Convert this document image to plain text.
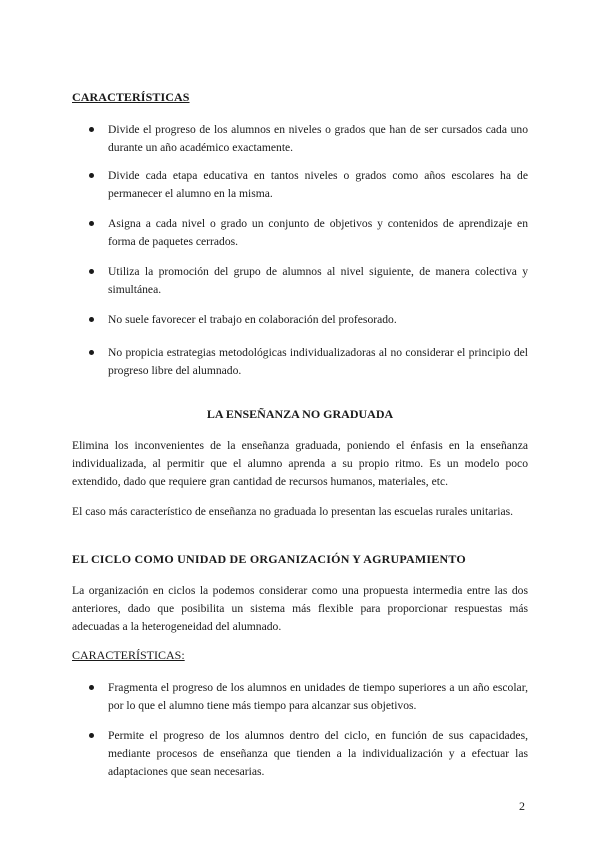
CARACTERÍSTICAS
Divide el progreso de los alumnos en niveles o grados que han de ser cursados cada uno durante un año académico exactamente.
Divide cada etapa educativa en tantos niveles o grados como años escolares ha de permanecer el alumno en la misma.
Asigna a cada nivel o grado un conjunto de objetivos y contenidos de aprendizaje en forma de paquetes cerrados.
Utiliza la promoción del grupo de alumnos al nivel siguiente, de manera colectiva y simultánea.
No suele favorecer el trabajo en colaboración del profesorado.
No propicia estrategias metodológicas individualizadoras al no considerar el principio del progreso libre del alumnado.
LA ENSEÑANZA NO GRADUADA

Elimina los inconvenientes de la enseñanza graduada, poniendo el énfasis en la enseñanza individualizada, al permitir que el alumno aprenda a su propio ritmo. Es un modelo poco extendido, dado que requiere gran cantidad de recursos humanos, materiales, etc.

El caso más característico de enseñanza no graduada lo presentan las escuelas rurales unitarias.

EL CICLO COMO UNIDAD DE ORGANIZACIÓN Y AGRUPAMIENTO

La organización en ciclos la podemos considerar como una propuesta intermedia entre las dos anteriores, dado que posibilita un sistema más flexible para proporcionar respuestas más adecuadas a la heterogeneidad del alumnado.

CARACTERÍSTICAS:
Fragmenta el progreso de los alumnos en unidades de tiempo superiores a un año escolar, por lo que el alumno tiene más tiempo para alcanzar sus objetivos.
Permite el progreso de los alumnos dentro del ciclo, en función de sus capacidades, mediante procesos de enseñanza que tienden a la individualización y a efectuar las adaptaciones que sean necesarias.
2
